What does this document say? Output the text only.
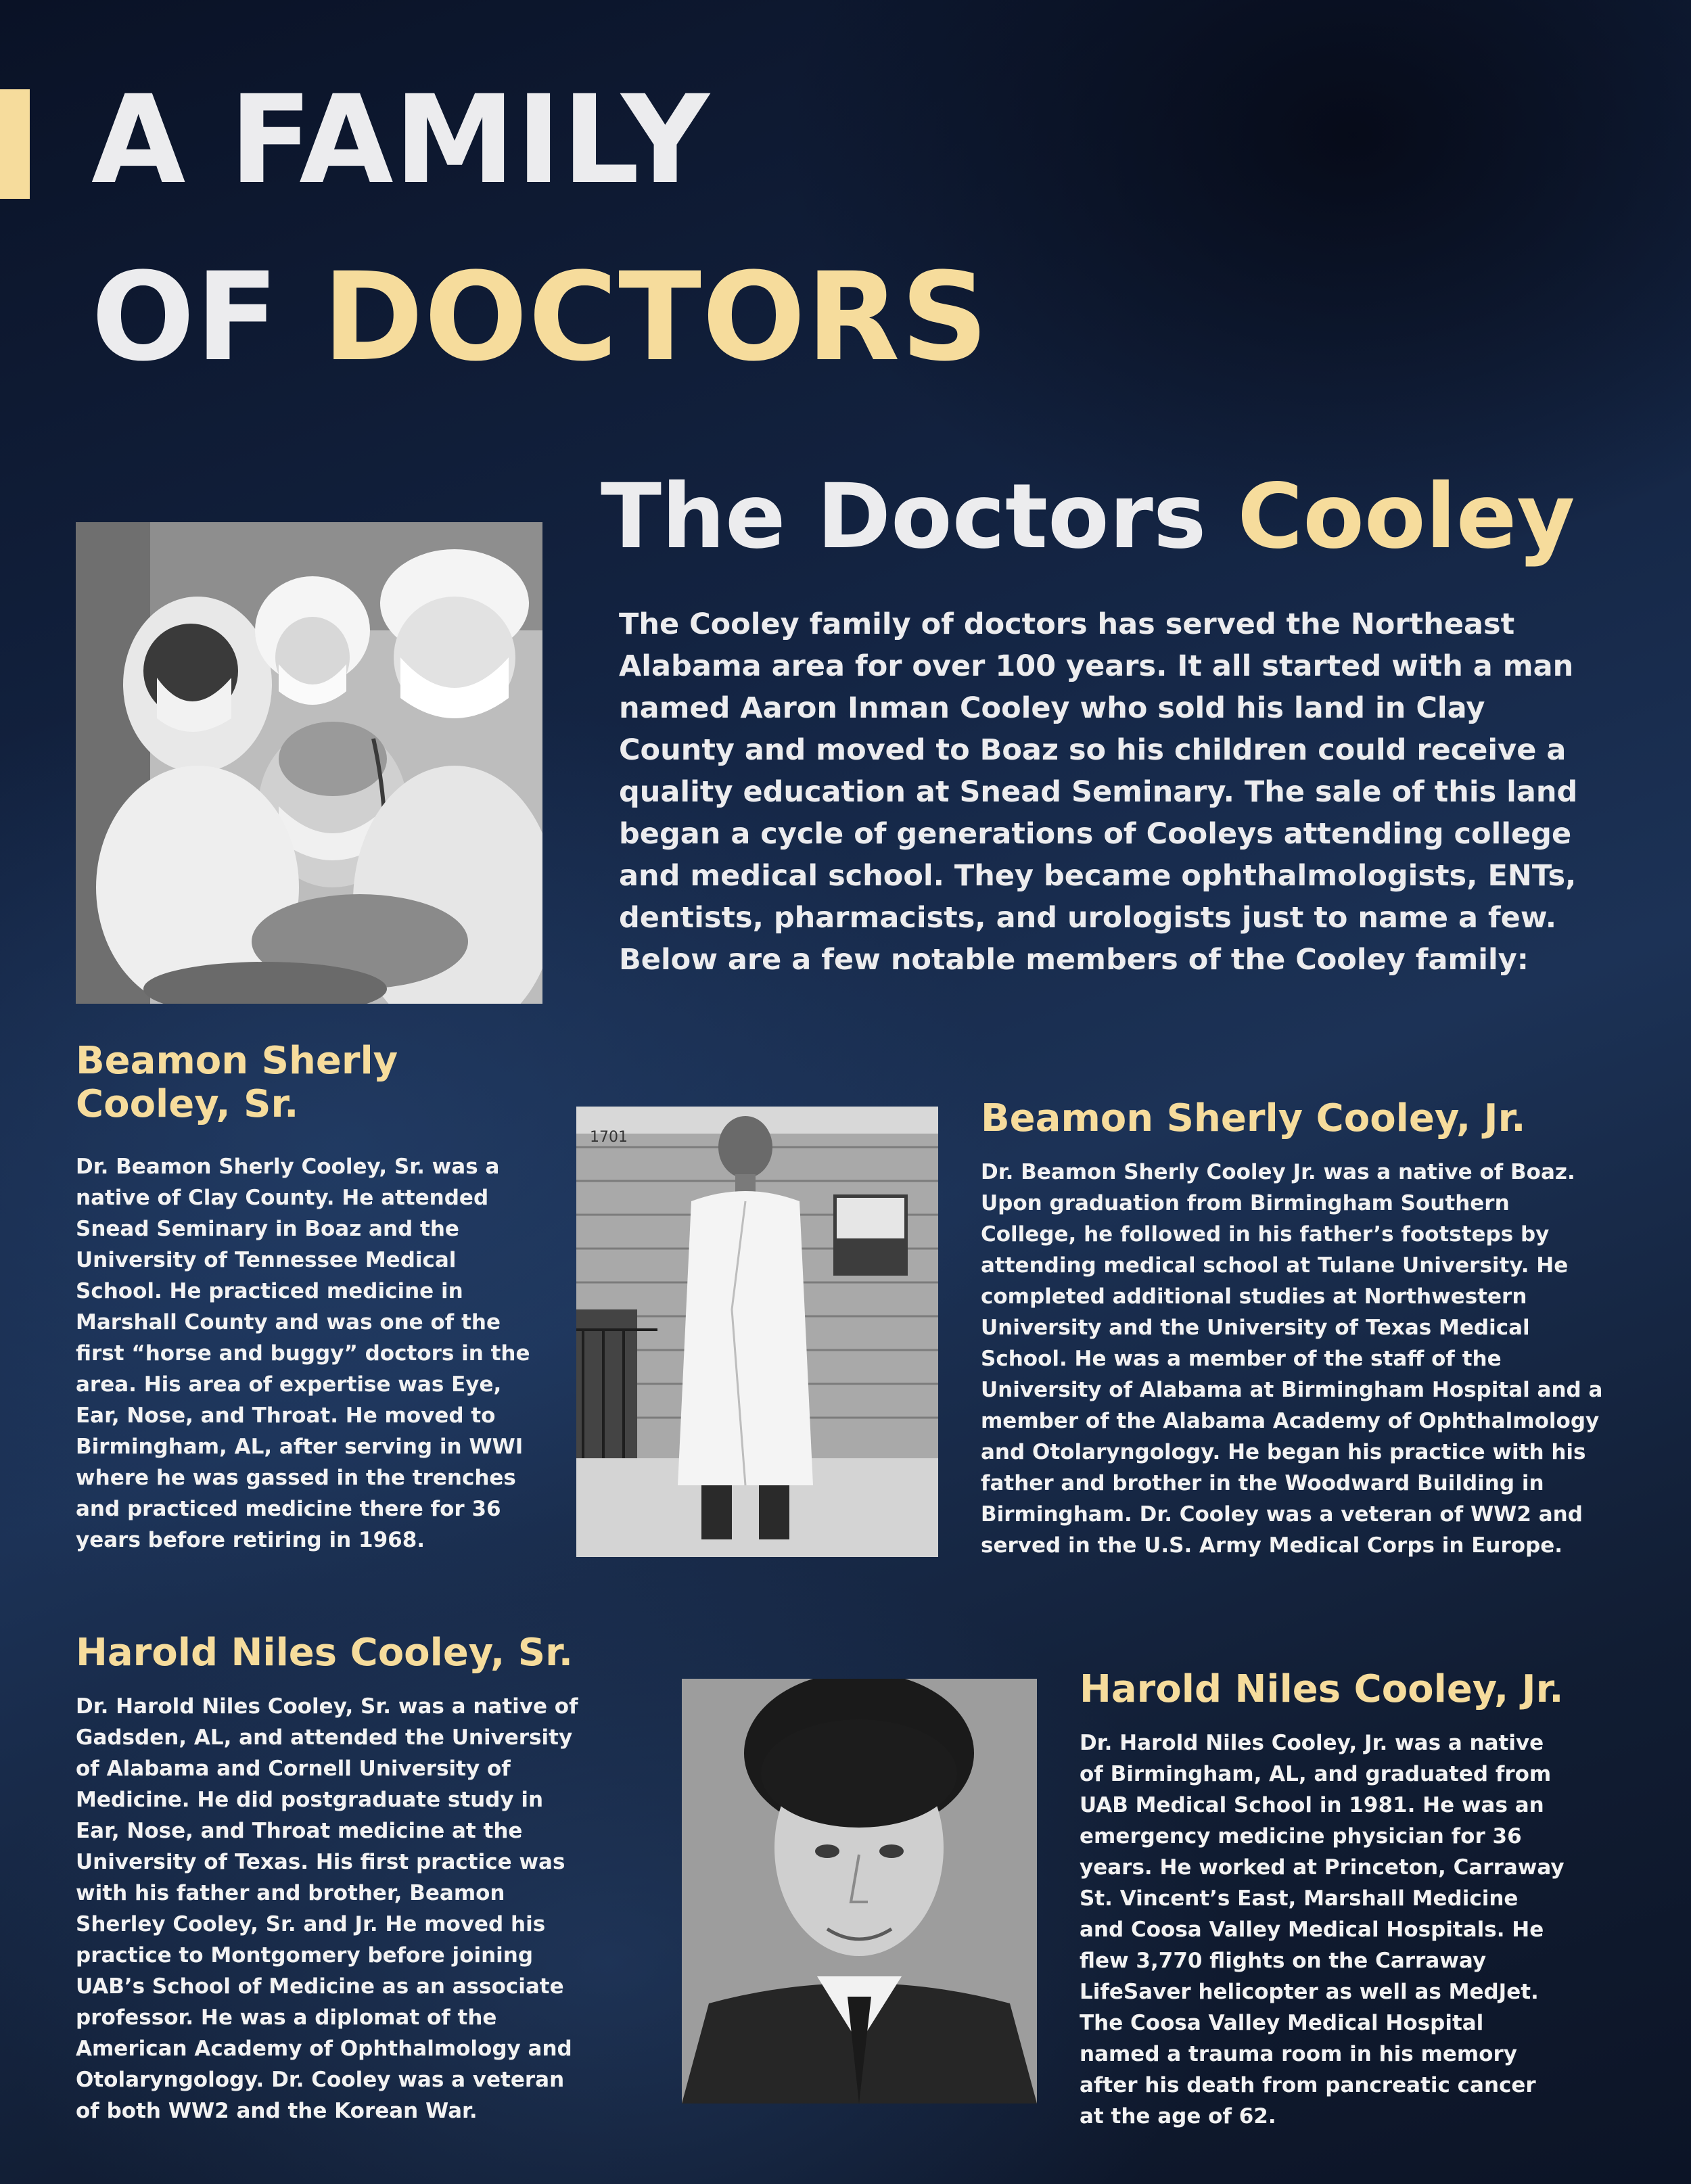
A FAMILY
OF DOCTORS
The Doctors Cooley
The Cooley family of doctors has served the Northeast Alabama area for over 100 years. It all started with a man named Aaron Inman Cooley who sold his land in Clay County and moved to Boaz so his children could receive a quality education at Snead Seminary. The sale of this land began a cycle of generations of Cooleys attending college and medical school. They became ophthalmologists, ENTs, dentists, pharmacists, and urologists just to name a few. Below are a few notable members of the Cooley family:
Beamon Sherly Cooley, Sr.
Dr. Beamon Sherly Cooley, Sr. was a native of Clay County. He attended Snead Seminary in Boaz and the University of Tennessee Medical School. He practiced medicine in Marshall County and was one of the first “horse and buggy” doctors in the area. His area of expertise was Eye, Ear, Nose, and Throat. He moved to Birmingham, AL, after serving in WWI where he was gassed in the trenches and practiced medicine there for 36 years before retiring in 1968.
1701	Beamon Sherly Cooley, Jr.
Dr. Beamon Sherly Cooley Jr. was a native of Boaz. Upon graduation from Birmingham Southern College, he followed in his father’s footsteps by attending medical school at Tulane University. He completed additional studies at Northwestern University and the University of Texas Medical School. He was a member of the staff of the University of Alabama at Birmingham Hospital and a member of the Alabama Academy of Ophthalmology and Otolaryngology. He began his practice with his father and brother in the Woodward Building in Birmingham. Dr. Cooley was a veteran of WW2 and served in the U.S. Army Medical Corps in Europe.
Harold Niles Cooley, Sr.
Dr. Harold Niles Cooley, Sr. was a native of Gadsden, AL, and attended the University of Alabama and Cornell University of Medicine. He did postgraduate study in Ear, Nose, and Throat medicine at the University of Texas. His first practice was with his father and brother, Beamon Sherley Cooley, Sr. and Jr. He moved his practice to Montgomery before joining UAB’s School of Medicine as an associate professor. He was a diplomat of the American Academy of Ophthalmology and Otolaryngology. Dr. Cooley was a veteran of both WW2 and the Korean War.
Harold Niles Cooley, Jr.
Dr. Harold Niles Cooley, Jr. was a native of Birmingham, AL, and graduated from UAB Medical School in 1981. He was an emergency medicine physician for 36 years. He worked at Princeton, Carraway St. Vincent’s East, Marshall Medicine and Coosa Valley Medical Hospitals. He flew 3,770 flights on the Carraway LifeSaver helicopter as well as MedJet. The Coosa Valley Medical Hospital named a trauma room in his memory after his death from pancreatic cancer at the age of 62.
